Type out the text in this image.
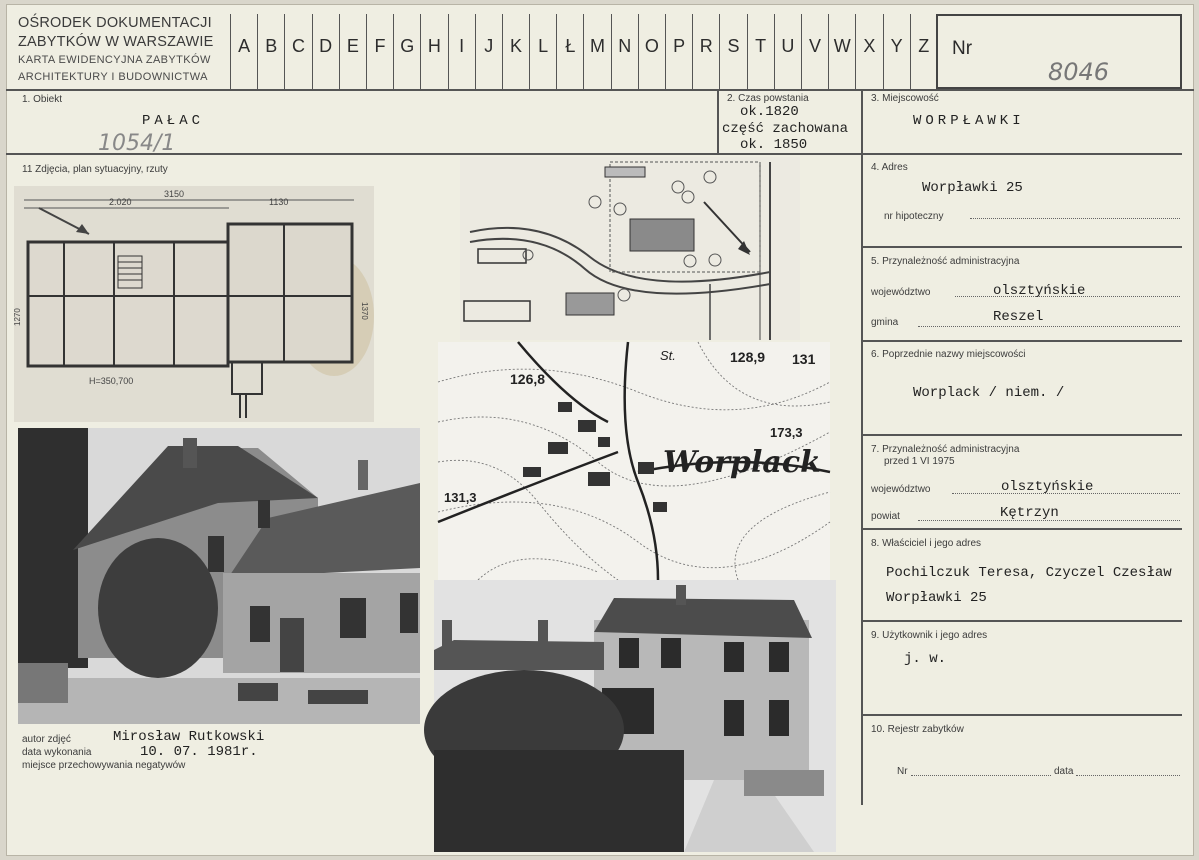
OŚRODEK DOKUMENTACJI
ZABYTKÓW W WARSZAWIE
KARTA EWIDENCYJNA ZABYTKÓW
ARCHITEKTURY I BUDOWNICTWA
A B C D E F G H	I	J K L Ł M N O P R S T U V W X Y Z	Nr
8046
1. Obiekt
PAŁAC
1054/1
2. Czas powstania
ok.1820
część zachowana
ok. 1850
3. Miejscowość
WORPŁAWKI
11 Zdjęcia, plan sytuacyjny, rzuty	4. Adres
Worpławki 25
nr hipoteczny
5. Przynależność administracyjna
województwo	olsztyńskie
gmina	Reszel
6. Poprzednie nazwy miejscowości
Worplack / niem. /
7. Przynależność administracyjna
przed 1 VI 1975
województwo	olsztyńskie
powiat	Kętrzyn
8. Właściciel i jego adres
Pochilczuk Teresa, Czyczel Czesław
Worpławki 25
9. Użytkownik i jego adres
j. w.
10. Rejestr zabytków
Nr	data
autor zdjęć	Mirosław Rutkowski
data wykonania	10. 07. 1981r.
miejsce przechowywania negatywów
3150
2.020	1130
H=350,700
1270	1370
Worplack
128,9 131
126,8
173,3
131,3
St.
